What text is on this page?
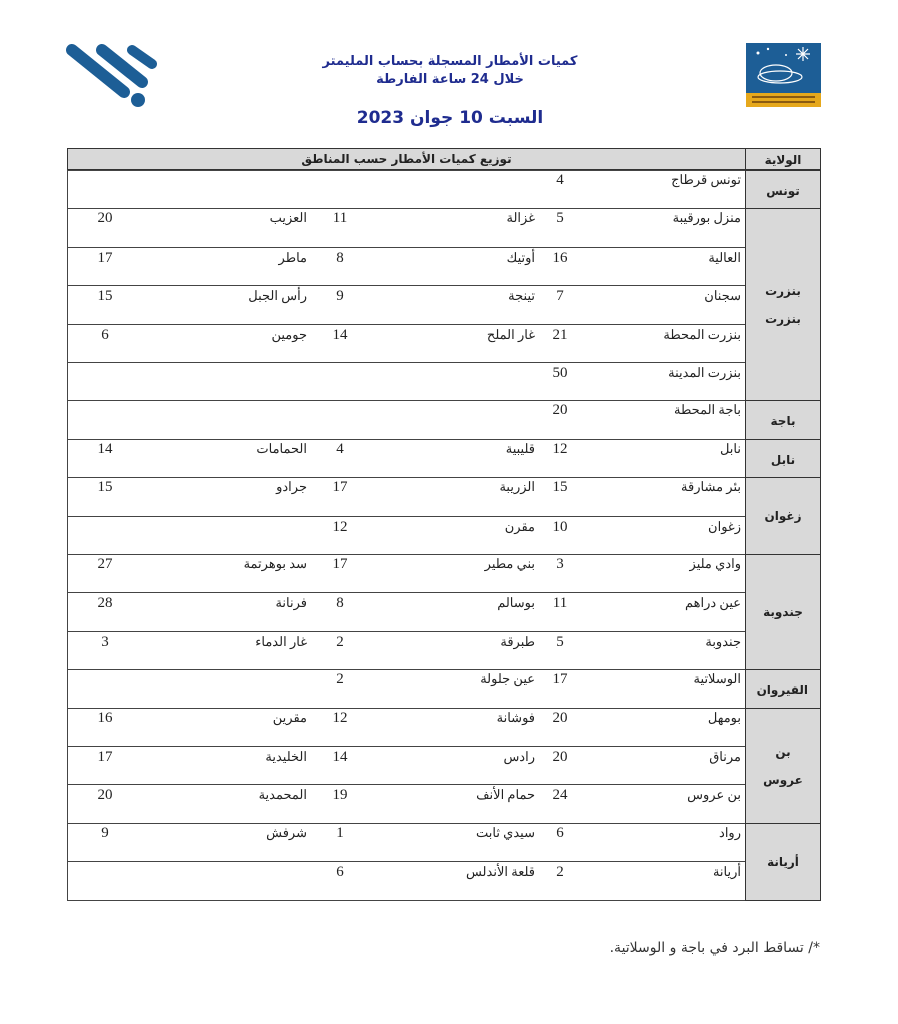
كميات الأمطار المسجلة بحساب المليمتر
خلال 24 ساعة الفارطة
السبت 10 جوان 2023
الولاية
توزيع كميات الأمطار حسب المناطق
تونس
تونس قرطاج
4
بنزرت بنزرت
منزل بورقيبة
5
غزالة
11
العزيب
20
العالية
16
أوتيك
8
ماطر
17
سجنان
7
تينجة
9
رأس الجبل
15
بنزرت المحطة
21
غار الملح
14
جومين
6
بنزرت المدينة
50
باجة
باجة المحطة
20
نابل
نابل
12
قليبية
4
الحمامات
14
زغوان
بئر مشارقة
15
الزريبة
17
جرادو
15
زغوان
10
مقرن
12
جندوبة
وادي مليز
3
بني مطير
17
سد بوهرتمة
27
عين دراهم
11
بوسالم
8
فرنانة
28
جندوبة
5
طبرقة
2
غار الدماء
3
القيروان
الوسلاتية
17
عين جلولة
2
بن عروس
بومهل
20
فوشانة
12
مقرين
16
مرناق
20
رادس
14
الخليدية
17
بن عروس
24
حمام الأنف
19
المحمدية
20
أريانة
رواد
6
سيدي ثابت
1
شرفش
9
أريانة
2
قلعة الأندلس
6
*/ تساقط البرد في باجة و الوسلاتية.
